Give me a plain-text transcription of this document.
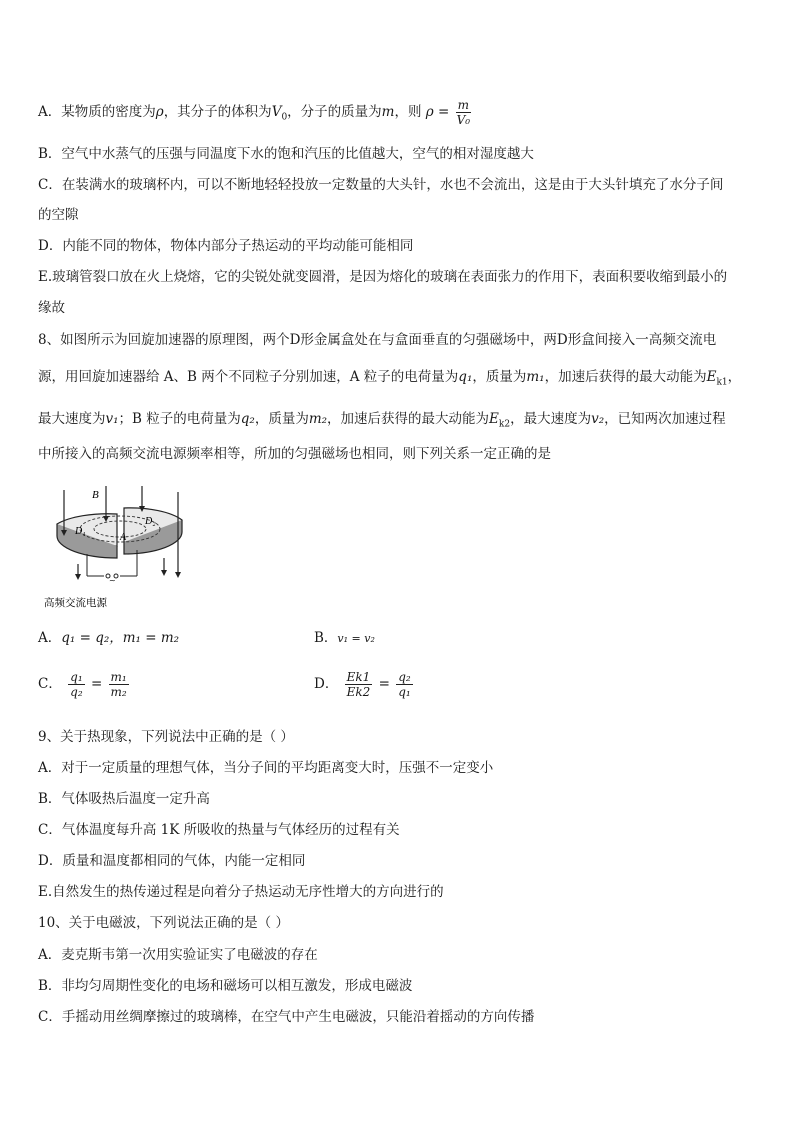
A．某物质的密度为ρ，其分子的体积为$V_0$，分子的质量为m，则 $\rho = \frac{m}{\text{V₀}}$
B．空气中水蒸气的压强与同温度下水的饱和汽压的比值越大，空气的相对湿度越大
C．在装满水的玻璃杯内，可以不断地轻轻投放一定数量的大头针，水也不会流出，这是由于大头针填充了水分子间
的空隙
D．内能不同的物体，物体内部分子热运动的平均动能可能相同
E.玻璃管裂口放在火上烧熔，它的尖锐处就变圆滑，是因为熔化的玻璃在表面张力的作用下，表面积要收缩到最小的
缘故
8、如图所示为回旋加速器的原理图，两个D形金属盒处在与盒面垂直的匀强磁场中，两D形盒间接入一高频交流电
源，用回旋加速器给 A、B 两个不同粒子分别加速，A 粒子的电荷量为q₁，质量为m₁，加速后获得的最大动能为$E_{k1}$，
最大速度为v₁；B 粒子的电荷量为q₂，质量为m₂，加速后获得的最大动能为$E_{k2}$，最大速度为v₂，已知两次加速过程
中所接入的高频交流电源频率相等，所加的匀强磁场也相同，则下列关系一定正确的是
~
B
D₁
D₂
A
高频交流电源
A．q₁ = q₂，m₁ = m₂	B．v₁ = v₂
C． $\frac{\text{q₁}}{\text{q₂}} = \frac{\text{m₁}}{\text{m₂}}$	D． $\frac{Ek1}{Ek2} = \frac{\text{q₂}}{\text{q₁}}$
9、关于热现象，下列说法中正确的是（ ）
A．对于一定质量的理想气体，当分子间的平均距离变大时，压强不一定变小
B．气体吸热后温度一定升高
C．气体温度每升高 1K 所吸收的热量与气体经历的过程有关
D．质量和温度都相同的气体，内能一定相同
E.自然发生的热传递过程是向着分子热运动无序性增大的方向进行的
10、关于电磁波，下列说法正确的是（ ）
A．麦克斯韦第一次用实验证实了电磁波的存在
B．非均匀周期性变化的电场和磁场可以相互激发，形成电磁波
C．手摇动用丝绸摩擦过的玻璃棒，在空气中产生电磁波，只能沿着摇动的方向传播
